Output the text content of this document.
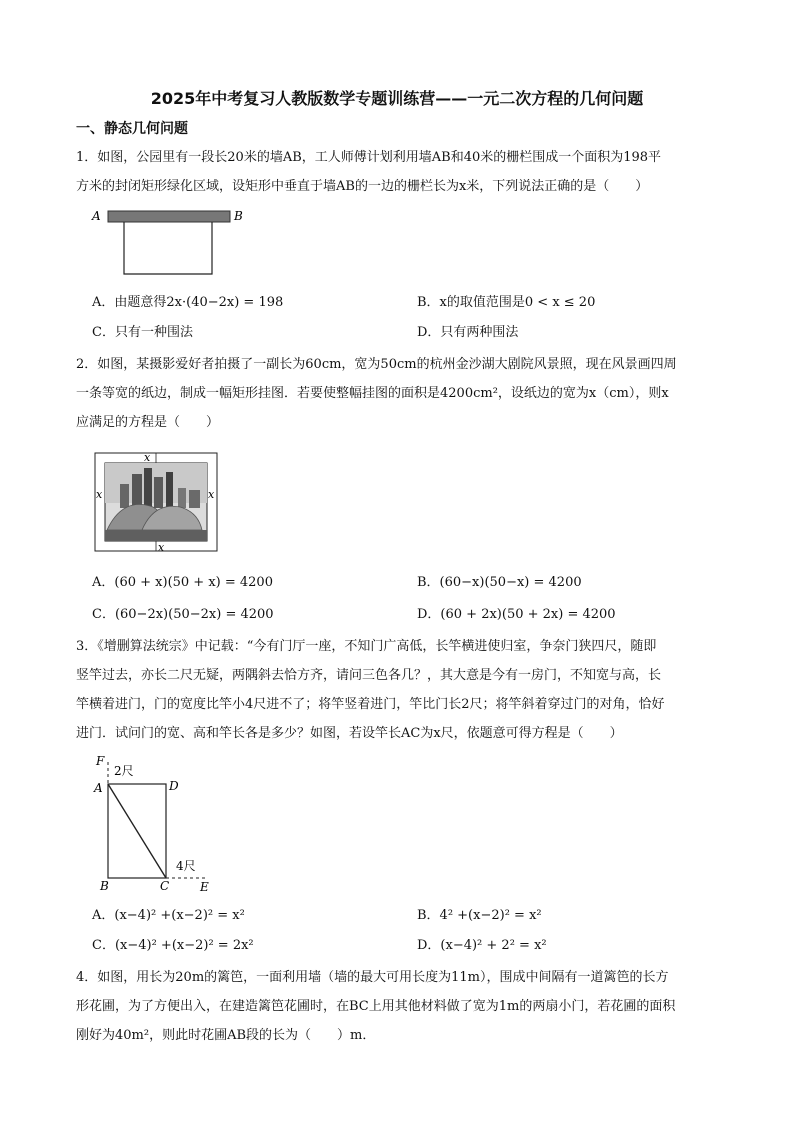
2025年中考复习人教版数学专题训练营——一元二次方程的几何问题
一、静态几何问题

1．如图，公园里有一段长20米的墙AB，工人师傅计划利用墙AB和40米的栅栏围成一个面积为198平

方米的封闭矩形绿化区域，设矩形中垂直于墙AB的一边的栅栏长为x米，下列说法正确的是（　　）

A	B
A．由题意得2x·(40−2x) = 198	B．x的取值范围是0 < x ≤ 20
C．只有一种围法	D．只有两种围法

2．如图，某摄影爱好者拍摄了一副长为60cm，宽为50cm的杭州金沙湖大剧院风景照，现在风景画四周

一条等宽的纸边，制成一幅矩形挂图．若要使整幅挂图的面积是4200cm²，设纸边的宽为x（cm），则x

应满足的方程是（　　）

x
x	x
x
A．(60 + x)(50 + x) = 4200	B．(60−x)(50−x) = 4200
C．(60−2x)(50−2x) = 4200	D．(60 + 2x)(50 + 2x) = 4200

3．《增删算法统宗》中记载：“今有门厅一座，不知门广高低，长竿横进使归室，争奈门狭四尺，随即

竖竿过去，亦长二尺无疑，两隅斜去恰方齐，请问三色各几？，其大意是今有一房门，不知宽与高，长

竿横着进门，门的宽度比竿小4尺进不了；将竿竖着进门，竿比门长2尺；将竿斜着穿过门的对角，恰好

进门．试问门的宽、高和竿长各是多少？如图，若设竿长AC为x尺，依题意可得方程是（　　）

F
2尺
A	D
4尺
B	C	E
A．(x−4)² +(x−2)² = x²	B．4² +(x−2)² = x²
C．(x−4)² +(x−2)² = 2x²	D．(x−4)² + 2² = x²

4．如图，用长为20m的篱笆，一面利用墙（墙的最大可用长度为11m），围成中间隔有一道篱笆的长方

形花圃，为了方便出入，在建造篱笆花圃时，在BC上用其他材料做了宽为1m的两扇小门，若花圃的面积

刚好为40m²，则此时花圃AB段的长为（　　）m．
